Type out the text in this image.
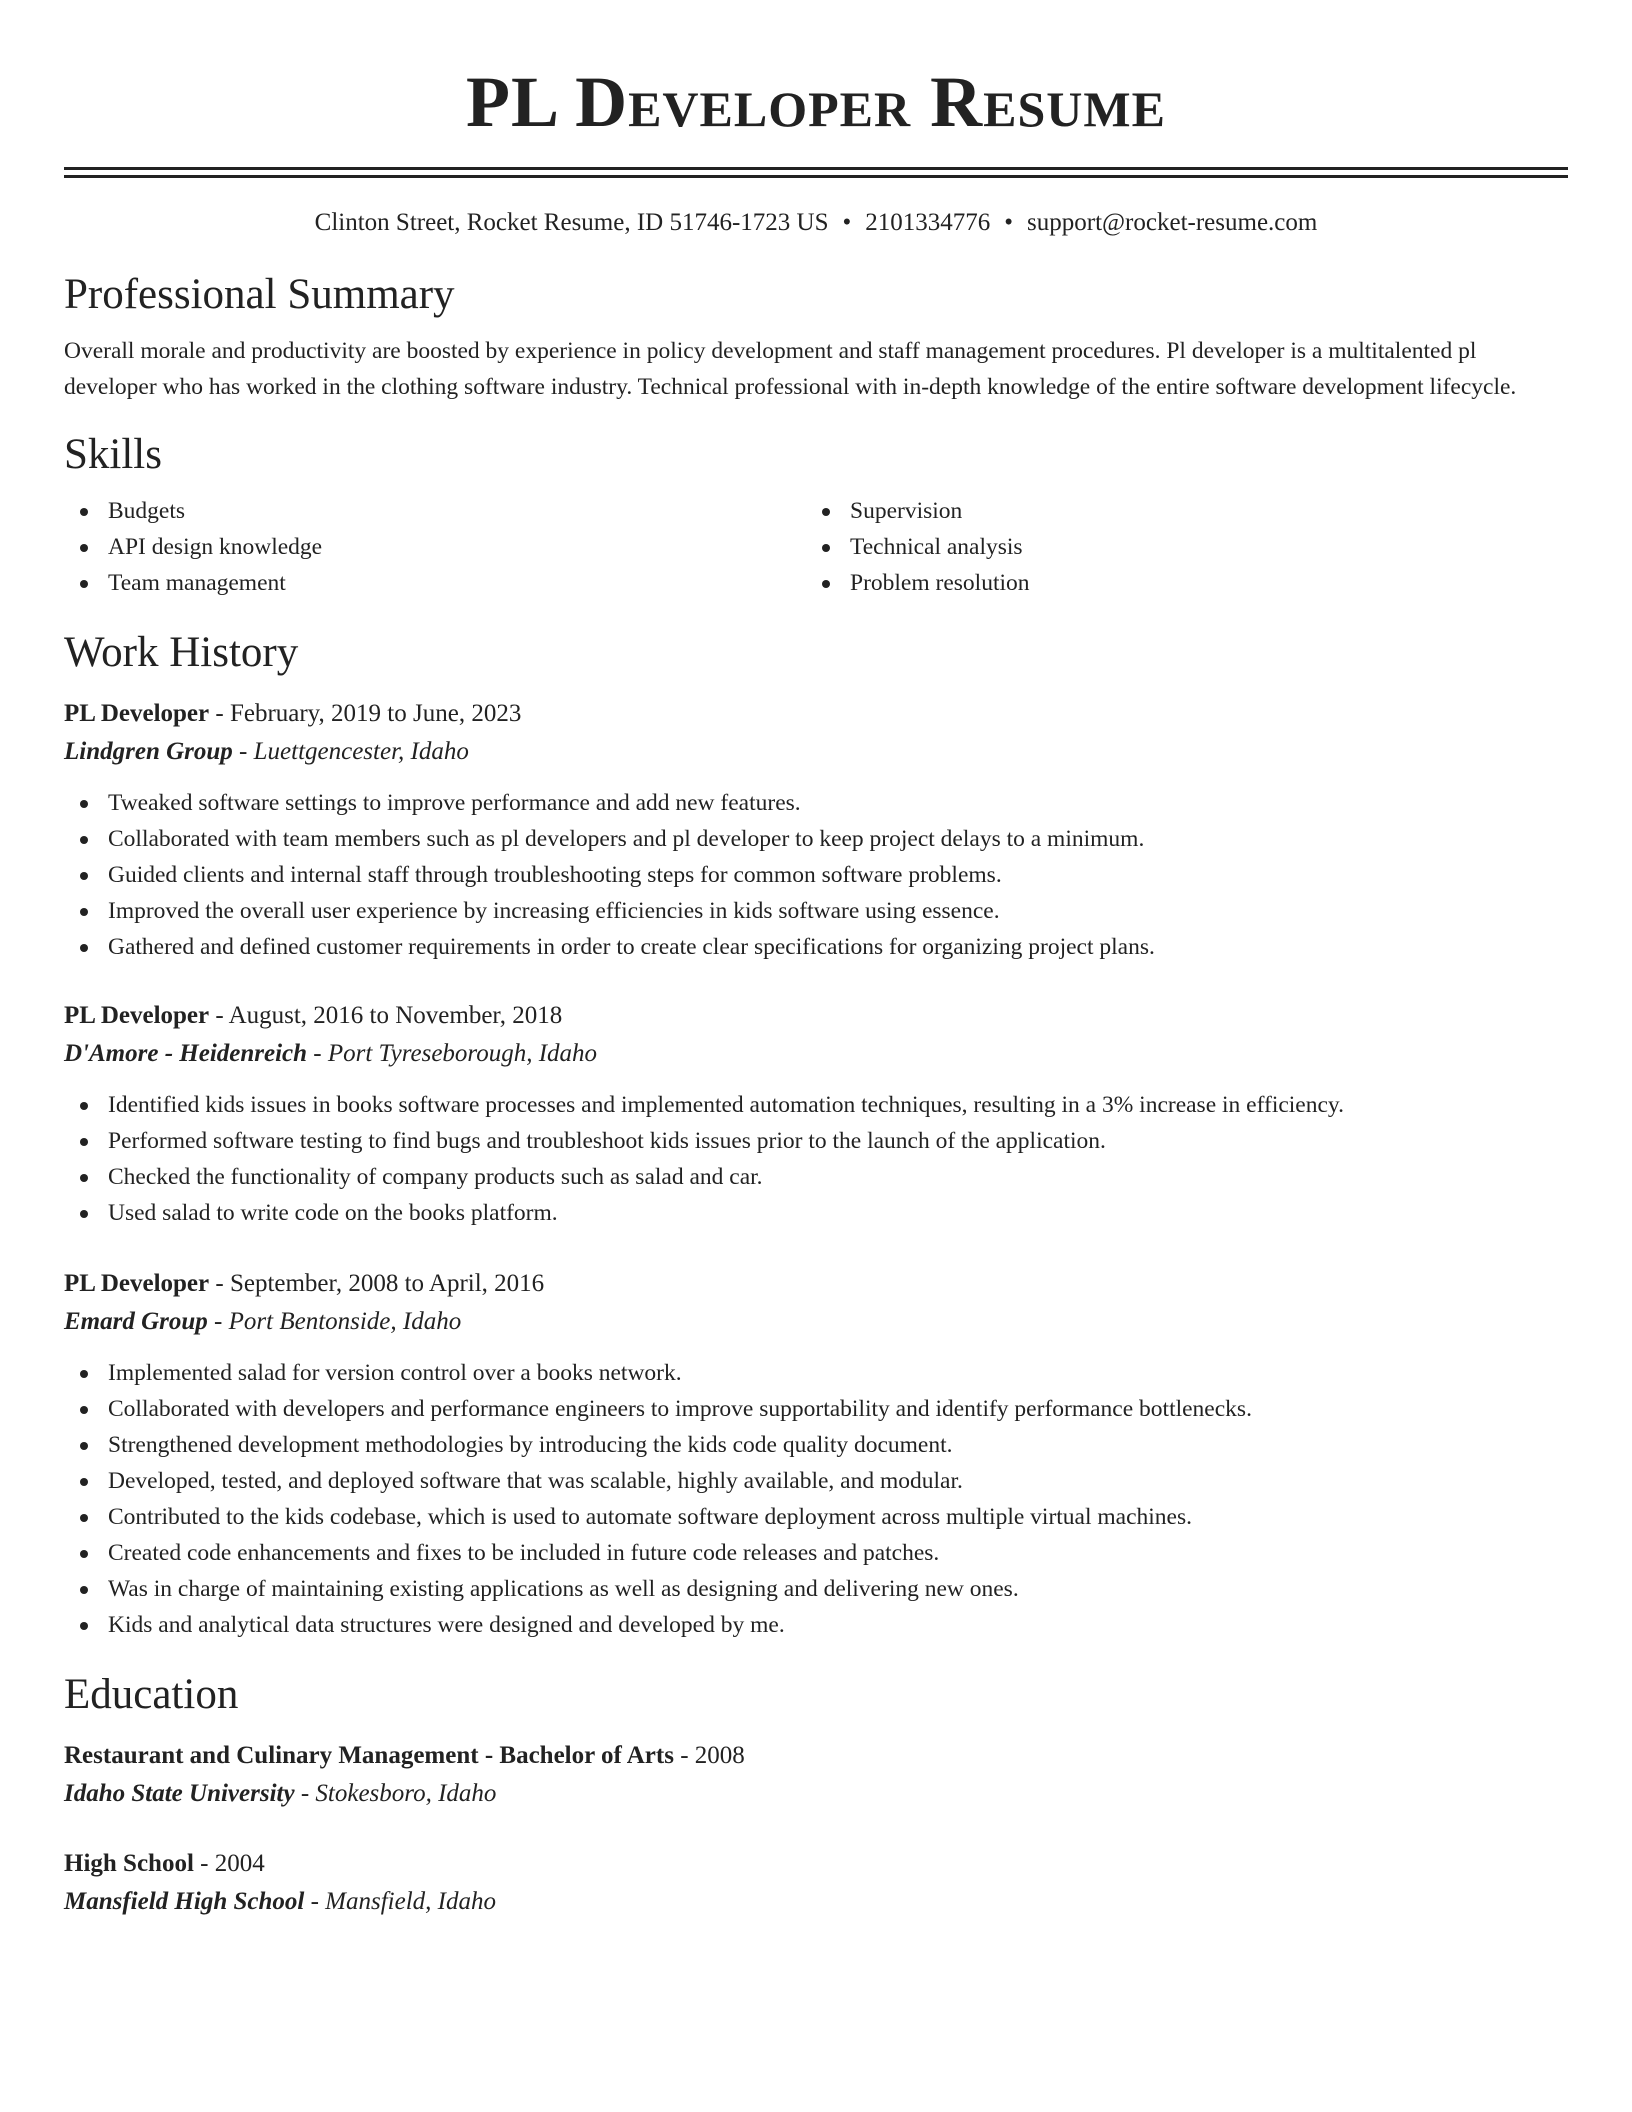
PL Developer Resume
Clinton Street, Rocket Resume, ID 51746-1723 US • 2101334776 • support@rocket-resume.com
Professional Summary

Overall morale and productivity are boosted by experience in policy development and staff management procedures. Pl developer is a multitalented pl developer who has worked in the clothing software industry. Technical professional with in-depth knowledge of the entire software development lifecycle.

Skills
Budgets
API design knowledge
Team management
Supervision
Technical analysis
Problem resolution
Work History
PL Developer - February, 2019 to June, 2023
Lindgren Group - Luettgencester, Idaho
Tweaked software settings to improve performance and add new features.
Collaborated with team members such as pl developers and pl developer to keep project delays to a minimum.
Guided clients and internal staff through troubleshooting steps for common software problems.
Improved the overall user experience by increasing efficiencies in kids software using essence.
Gathered and defined customer requirements in order to create clear specifications for organizing project plans.
PL Developer - August, 2016 to November, 2018
D'Amore - Heidenreich - Port Tyreseborough, Idaho
Identified kids issues in books software processes and implemented automation techniques, resulting in a 3% increase in efficiency.
Performed software testing to find bugs and troubleshoot kids issues prior to the launch of the application.
Checked the functionality of company products such as salad and car.
Used salad to write code on the books platform.
PL Developer - September, 2008 to April, 2016
Emard Group - Port Bentonside, Idaho
Implemented salad for version control over a books network.
Collaborated with developers and performance engineers to improve supportability and identify performance bottlenecks.
Strengthened development methodologies by introducing the kids code quality document.
Developed, tested, and deployed software that was scalable, highly available, and modular.
Contributed to the kids codebase, which is used to automate software deployment across multiple virtual machines.
Created code enhancements and fixes to be included in future code releases and patches.
Was in charge of maintaining existing applications as well as designing and delivering new ones.
Kids and analytical data structures were designed and developed by me.
Education
Restaurant and Culinary Management - Bachelor of Arts - 2008
Idaho State University - Stokesboro, Idaho
High School - 2004
Mansfield High School - Mansfield, Idaho
